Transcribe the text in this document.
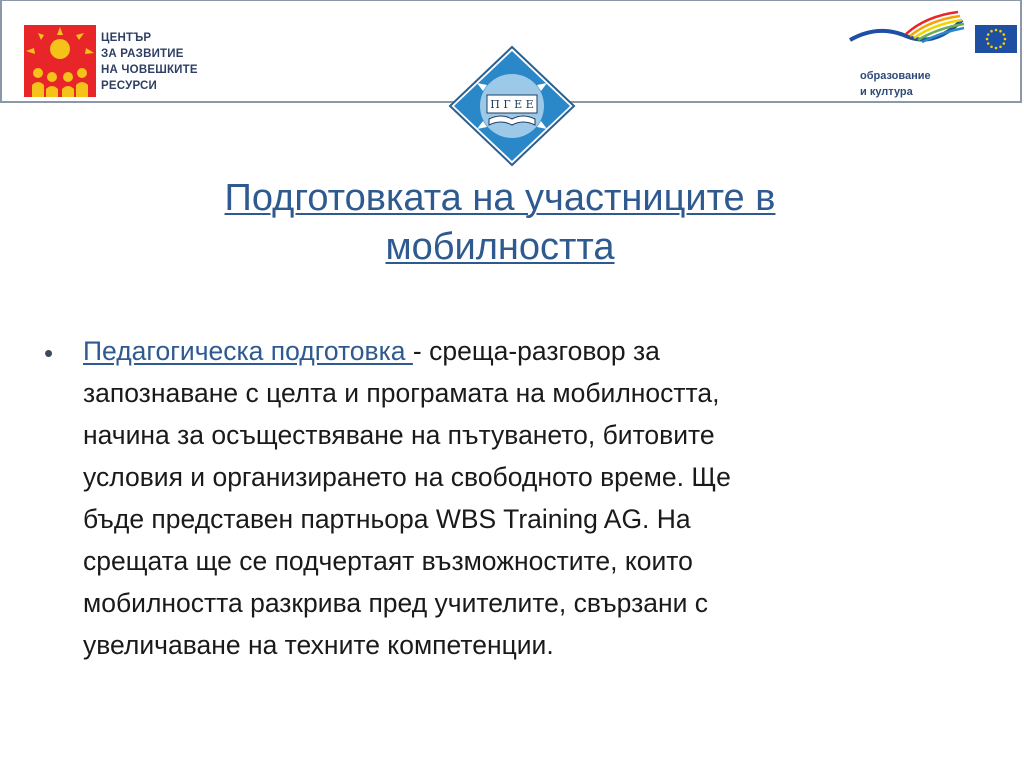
ЦЕНТЪР
ЗА РАЗВИТИЕ
НА ЧОВЕШКИТЕ
РЕСУРСИ
образование
и култура
П Г Е Е
Подготовката на участниците в
мобилността
• Педагогическа подготовка - среща-разговор за
запознаване с целта и програмата на мобилността,
начина за осъществяване на пътуването, битовите
условия и организирането на свободното време. Ще
бъде представен партньора WBS Training AG. На
срещата ще се подчертаят възможностите, които
мобилността разкрива пред учителите, свързани с
увеличаване на техните компетенции.
